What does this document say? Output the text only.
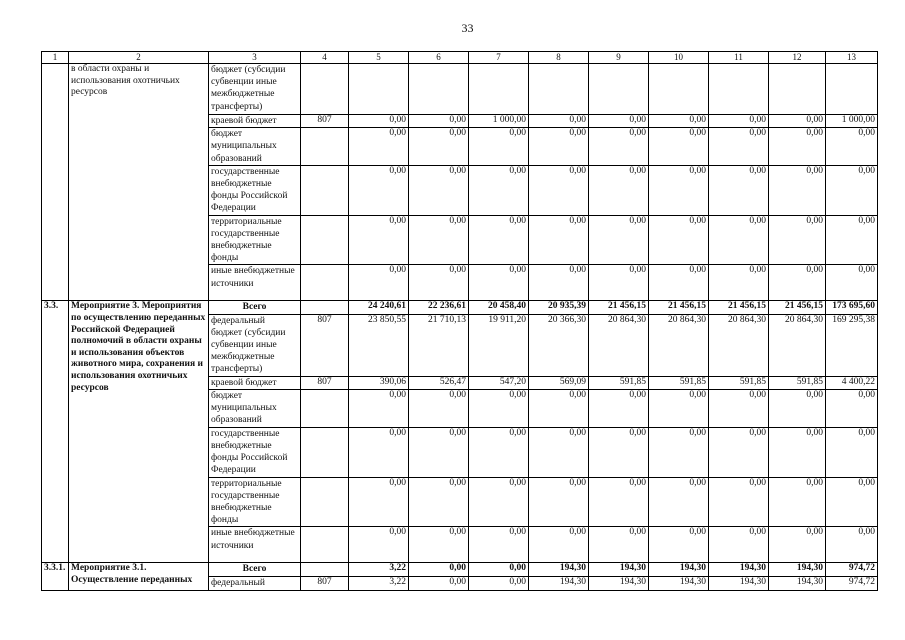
33
1	2	3	4	5	6	7	8	9	10	11	12	13
	в области охраны и использования охотничьих ресурсов	бюджет (субсидии субвенции иные межбюджетные трансферты)										
		краевой бюджет	807	0,00	0,00	1 000,00	0,00	0,00	0,00	0,00	0,00	1 000,00
		бюджет муниципальных образований		0,00	0,00	0,00	0,00	0,00	0,00	0,00	0,00	0,00
		государственные внебюджетные фонды Российской Федерации		0,00	0,00	0,00	0,00	0,00	0,00	0,00	0,00	0,00
		территориальные государственные внебюджетные фонды		0,00	0,00	0,00	0,00	0,00	0,00	0,00	0,00	0,00
		иные внебюджетные источники		0,00	0,00	0,00	0,00	0,00	0,00	0,00	0,00	0,00
3.3.	Мероприятие 3. Мероприятия по осуществлению переданных Российской Федерацией полномочий в области охраны и использования объектов животного мира, сохранения и использования охотничьих ресурсов	Всего		24 240,61	22 236,61	20 458,40	20 935,39	21 456,15	21 456,15	21 456,15	21 456,15	173 695,60
		федеральный бюджет (субсидии субвенции иные межбюджетные трансферты)	807	23 850,55	21 710,13	19 911,20	20 366,30	20 864,30	20 864,30	20 864,30	20 864,30	169 295,38
		краевой бюджет	807	390,06	526,47	547,20	569,09	591,85	591,85	591,85	591,85	4 400,22
		бюджет муниципальных образований		0,00	0,00	0,00	0,00	0,00	0,00	0,00	0,00	0,00
		государственные внебюджетные фонды Российской Федерации		0,00	0,00	0,00	0,00	0,00	0,00	0,00	0,00	0,00
		территориальные государственные внебюджетные фонды		0,00	0,00	0,00	0,00	0,00	0,00	0,00	0,00	0,00
		иные внебюджетные источники		0,00	0,00	0,00	0,00	0,00	0,00	0,00	0,00	0,00
3.3.1.	Мероприятие 3.1. Осуществление переданных	Всего		3,22	0,00	0,00	194,30	194,30	194,30	194,30	194,30	974,72
		федеральный	807	3,22	0,00	0,00	194,30	194,30	194,30	194,30	194,30	974,72
